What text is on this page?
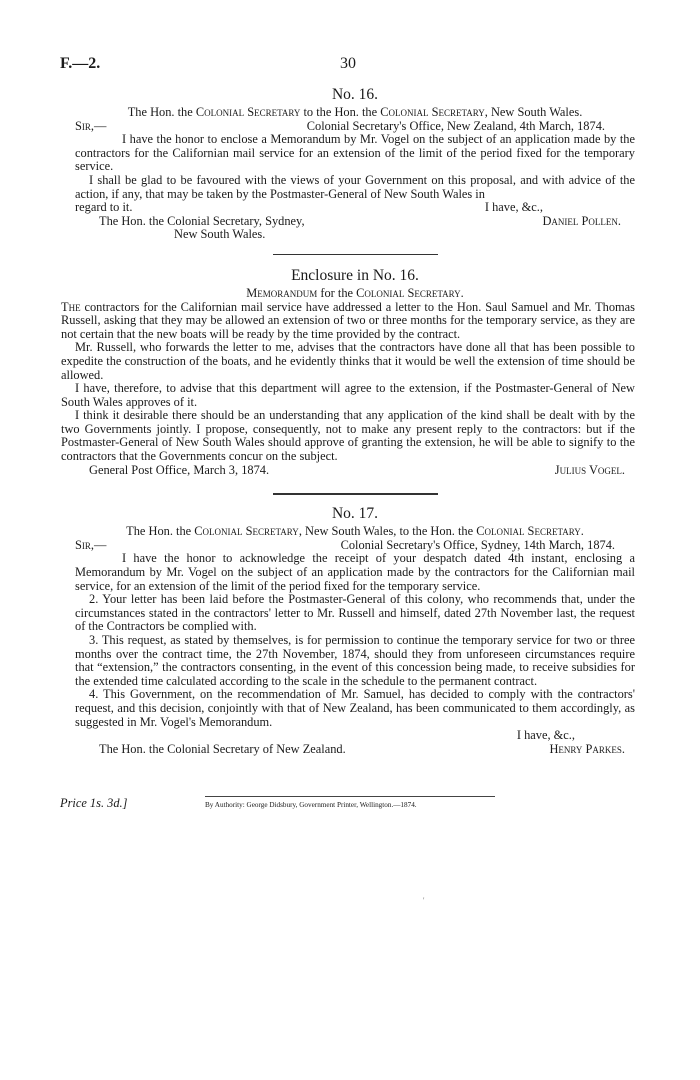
F.—2.	30
No. 16.

The Hon. the Colonial Secretary to the Hon. the Colonial Secretary, New South Wales.

Sir,—	Colonial Secretary's Office, New Zealand, 4th March, 1874.

I have the honor to enclose a Memorandum by Mr. Vogel on the subject of an application made by the contractors for the Californian mail service for an extension of the limit of the period fixed for the temporary service.

I shall be glad to be favoured with the views of your Government on this proposal, and with advice of the action, if any, that may be taken by the Postmaster-General of New South Wales in

regard to it.	I have, &c.,
The Hon. the Colonial Secretary, Sydney,	Daniel Pollen.

New South Wales.

Enclosure in No. 16.

Memorandum for the Colonial Secretary.

The contractors for the Californian mail service have addressed a letter to the Hon. Saul Samuel and Mr. Thomas Russell, asking that they may be allowed an extension of two or three months for the temporary service, as they are not certain that the new boats will be ready by the time provided by the contract.

Mr. Russell, who forwards the letter to me, advises that the contractors have done all that has been possible to expedite the construction of the boats, and he evidently thinks that it would be well the extension of time should be allowed.

I have, therefore, to advise that this department will agree to the extension, if the Postmaster-General of New South Wales approves of it.

I think it desirable there should be an understanding that any application of the kind shall be dealt with by the two Governments jointly. I propose, consequently, not to make any present reply to the contractors: but if the Postmaster-General of New South Wales should approve of granting the extension, he will be able to signify to the contractors that the Governments concur on the subject.

General Post Office, March 3, 1874.	Julius Vogel.
No. 17.

The Hon. the Colonial Secretary, New South Wales, to the Hon. the Colonial Secretary.

Sir,—	Colonial Secretary's Office, Sydney, 14th March, 1874.

I have the honor to acknowledge the receipt of your despatch dated 4th instant, enclosing a Memorandum by Mr. Vogel on the subject of an application made by the contractors for the Californian mail service, for an extension of the limit of the period fixed for the temporary service.

2. Your letter has been laid before the Postmaster-General of this colony, who recommends that, under the circumstances stated in the contractors' letter to Mr. Russell and himself, dated 27th November last, the request of the Contractors be complied with.

3. This request, as stated by themselves, is for permission to continue the temporary service for two or three months over the contract time, the 27th November, 1874, should they from unforeseen circumstances require that “extension,” the contractors consenting, in the event of this concession being made, to receive subsidies for the extended time calculated according to the scale in the schedule to the permanent contract.

4. This Government, on the recommendation of Mr. Samuel, has decided to comply with the contractors' request, and this decision, conjointly with that of New Zealand, has been communicated to them accordingly, as suggested in Mr. Vogel's Memorandum.

I have, &c.,
The Hon. the Colonial Secretary of New Zealand.	Henry Parkes.
Price 1s. 3d.]	By Authority: George Didsbury, Government Printer, Wellington.—1874.
'
